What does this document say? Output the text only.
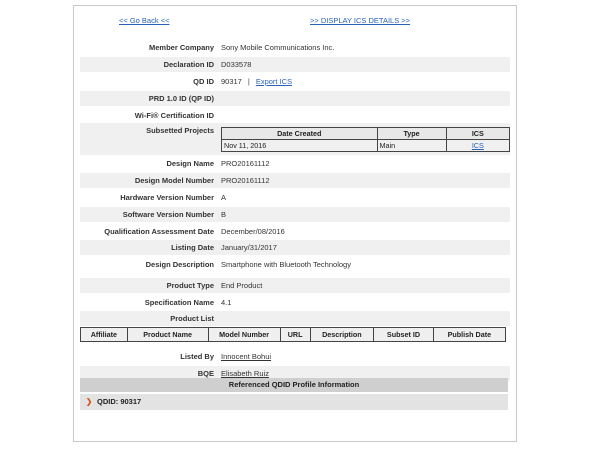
<< Go Back <<	>> DISPLAY ICS DETAILS >>
Member Company Sony Mobile Communications Inc.
Declaration ID D033578
QD ID 90317 | Export ICS
PRD 1.0 ID (QP ID)
Wi-Fi® Certification ID
Subsetted Projects	Date Created	Type	ICS
Nov 11, 2016	Main	ICS
Design Name PRO20161112
Design Model Number PRO20161112
Hardware Version Number A
Software Version Number B
Qualification Assessment Date December/08/2016
Listing Date January/31/2017
Design Description Smartphone with Bluetooth Technology
Product Type End Product
Specification Name 4.1
Product List
Listed By Innocent Bohui
BQE Elisabeth Ruiz
Affiliate	Product Name	Model Number	URL	Description	Subset ID	Publish Date
Referenced QDID Profile Information
❯ QDID: 90317
